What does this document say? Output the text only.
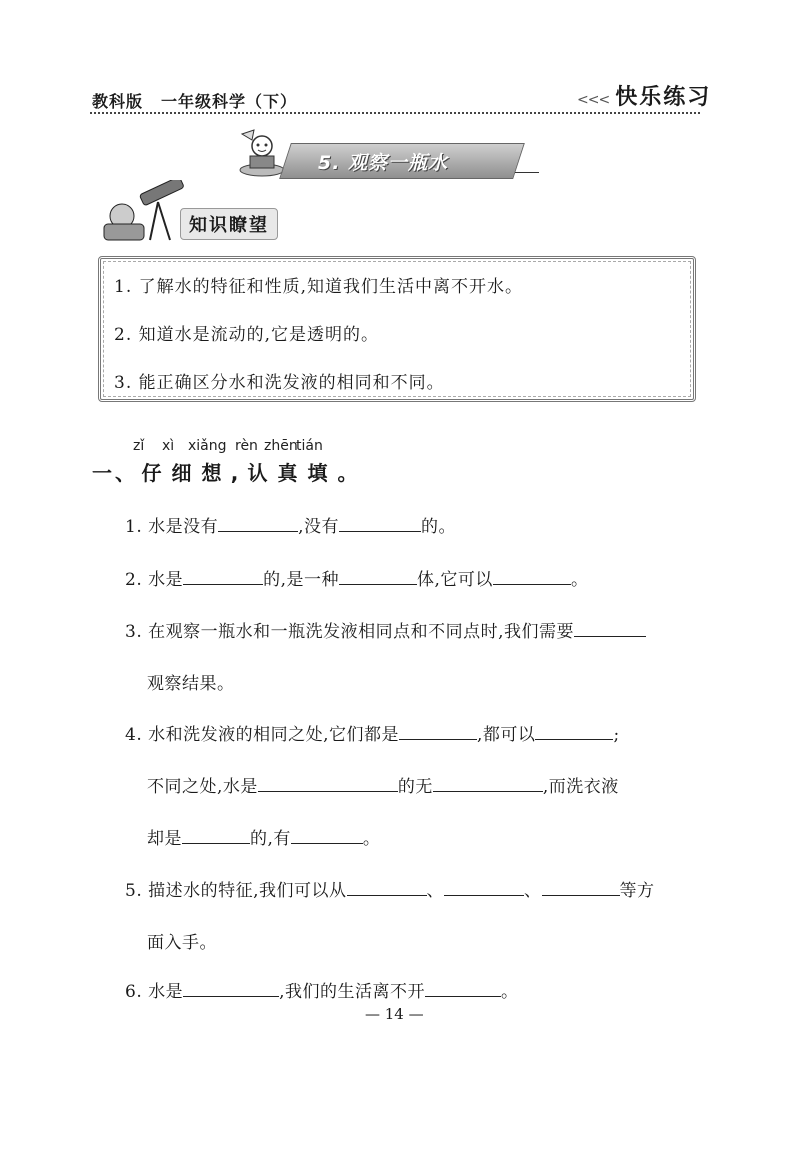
教科版 一年级科学（下）	<<< 快乐练习
5. 观察一瓶水
知识瞭望
1. 了解水的特征和性质,知道我们生活中离不开水。
2. 知道水是流动的,它是透明的。
3. 能正确区分水和洗发液的相同和不同。
zǐ xì xiǎng rèn zhēn
tián
一、 仔 细 想 , 认 真 填 。
1. 水是没有	,没有	的。
2. 水是	的,是一种	体,它可以	。
3. 在观察一瓶水和一瓶洗发液相同点和不同点时,我们需要
观察结果。
4. 水和洗发液的相同之处,它们都是	,都可以	;
不同之处,水是	的无	,而洗衣液
却是	的,有	。
5. 描述水的特征,我们可以从	、	、	等方
面入手。
6. 水是	,我们的生活离不开	。
— 14 —
